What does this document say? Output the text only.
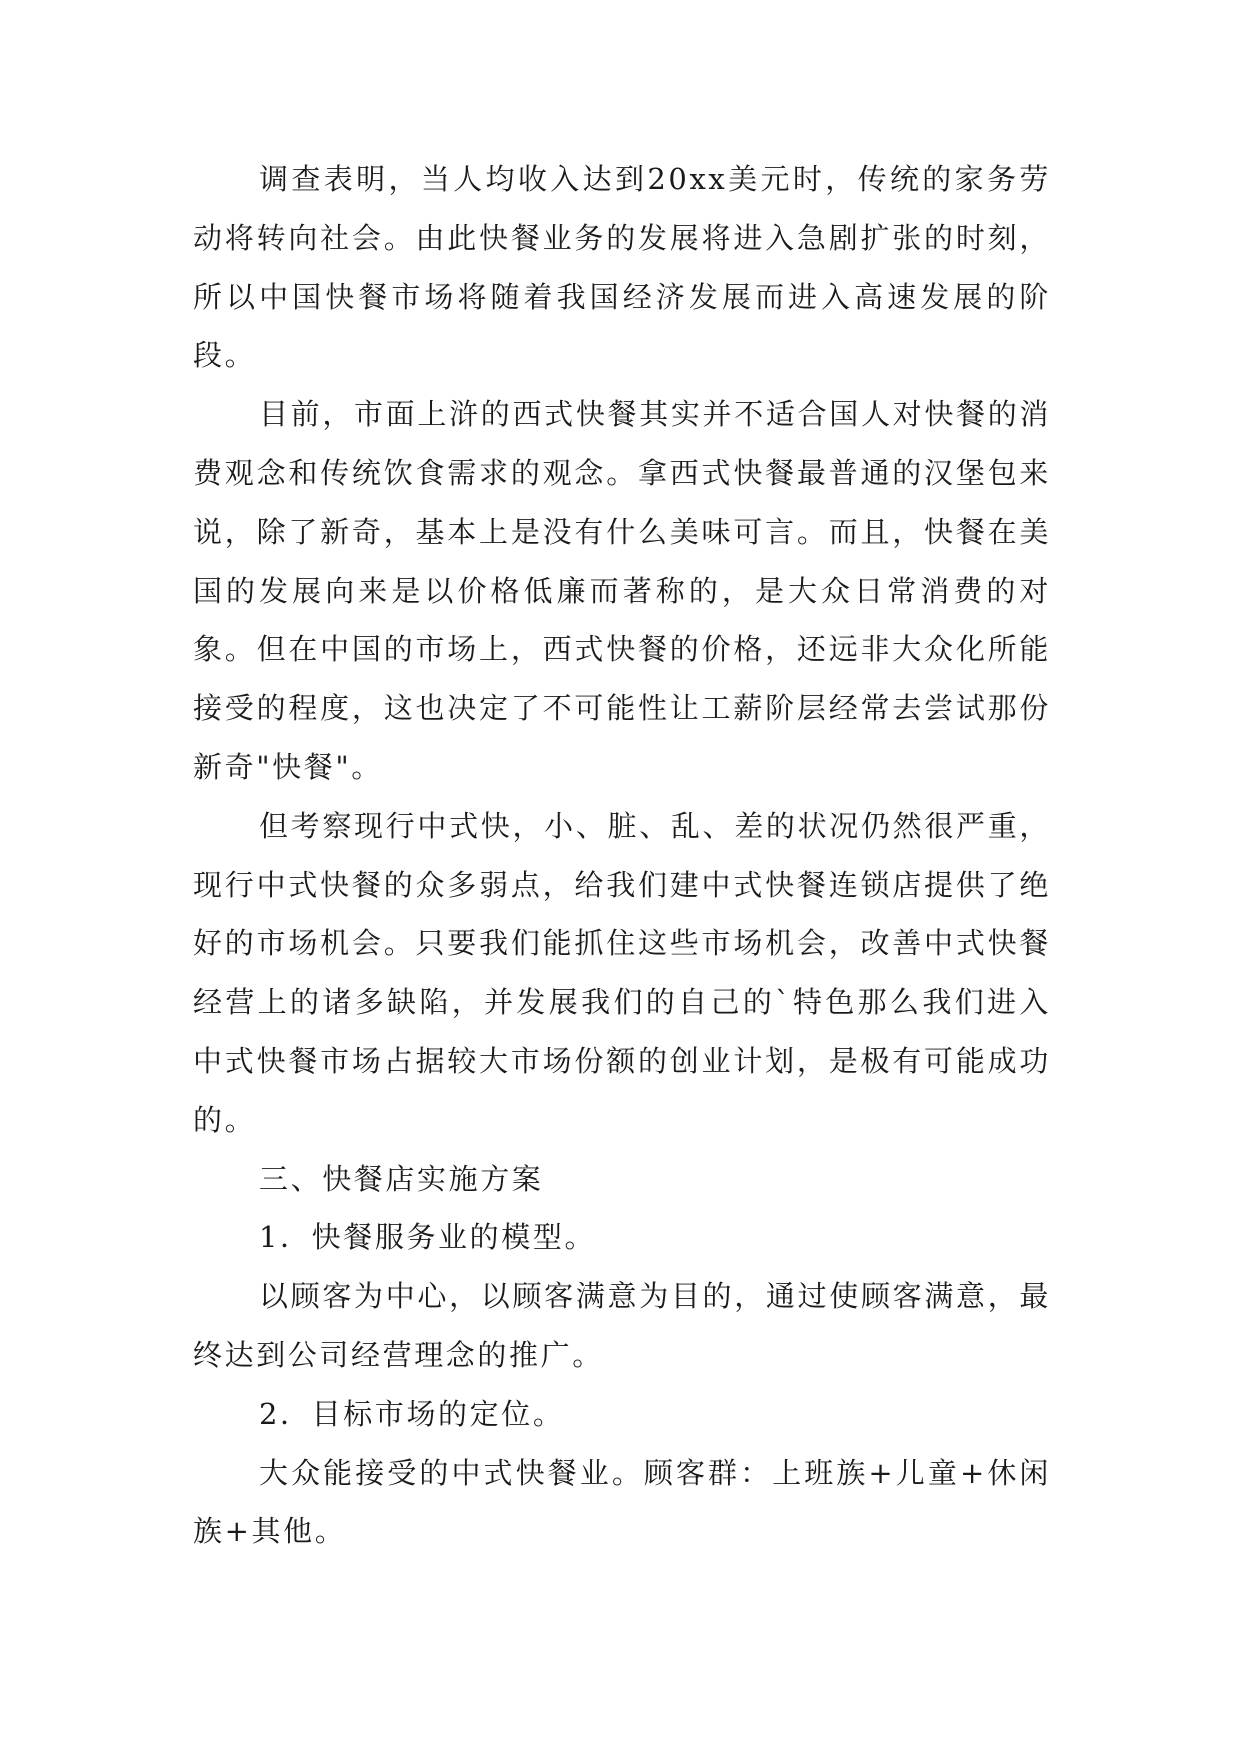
调查表明，当人均收入达到20xx美元时，传统的家务劳动将转向社会。由此快餐业务的发展将进入急剧扩张的时刻，所以中国快餐市场将随着我国经济发展而进入高速发展的阶段。

目前，市面上浒的西式快餐其实并不适合国人对快餐的消费观念和传统饮食需求的观念。拿西式快餐最普通的汉堡包来说，除了新奇，基本上是没有什么美味可言。而且，快餐在美国的发展向来是以价格低廉而著称的，是大众日常消费的对象。但在中国的市场上，西式快餐的价格，还远非大众化所能接受的程度，这也决定了不可能性让工薪阶层经常去尝试那份新奇"快餐"。

但考察现行中式快，小、脏、乱、差的状况仍然很严重，现行中式快餐的众多弱点，给我们建中式快餐连锁店提供了绝好的市场机会。只要我们能抓住这些市场机会，改善中式快餐经营上的诸多缺陷，并发展我们的自己的`特色那么我们进入中式快餐市场占据较大市场份额的创业计划，是极有可能成功的。

三、快餐店实施方案

1．快餐服务业的模型。

以顾客为中心，以顾客满意为目的，通过使顾客满意，最终达到公司经营理念的推广。

2．目标市场的定位。

大众能接受的中式快餐业。顾客群：上班族+儿童+休闲族+其他。
